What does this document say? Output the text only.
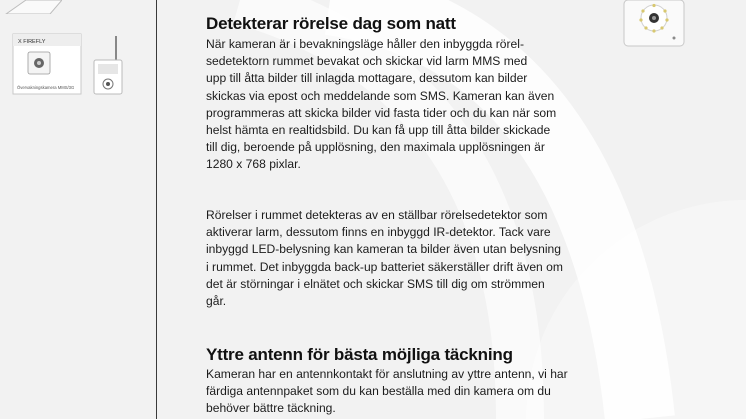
X FIREFLY
Övervakningskamera MMS/3G
Detekterar rörelse dag som natt

När kameran är i bevakningsläge håller den inbyggda rörel-
sedetektorn rummet bevakat och skickar vid larm MMS med
upp till åtta bilder till inlagda mottagare, dessutom kan bilder
skickas via epost och meddelande som SMS. Kameran kan även
programmeras att skicka bilder vid fasta tider och du kan när som
helst hämta en realtidsbild. Du kan få upp till åtta bilder skickade
till dig, beroende på upplösning, den maximala upplösningen är
1280 x 768 pixlar.

Rörelser i rummet detekteras av en ställbar rörelsedetektor som
aktiverar larm, dessutom finns en inbyggd IR-detektor. Tack vare
inbyggd LED-belysning kan kameran ta bilder även utan belysning
i rummet. Det inbyggda back-up batteriet säkerställer drift även om
det är störningar i elnätet och skickar SMS till dig om strömmen
går.

Yttre antenn för bästa möjliga täckning

Kameran har en antennkontakt för anslutning av yttre antenn, vi har
färdiga antennpaket som du kan beställa med din kamera om du
behöver bättre täckning.
